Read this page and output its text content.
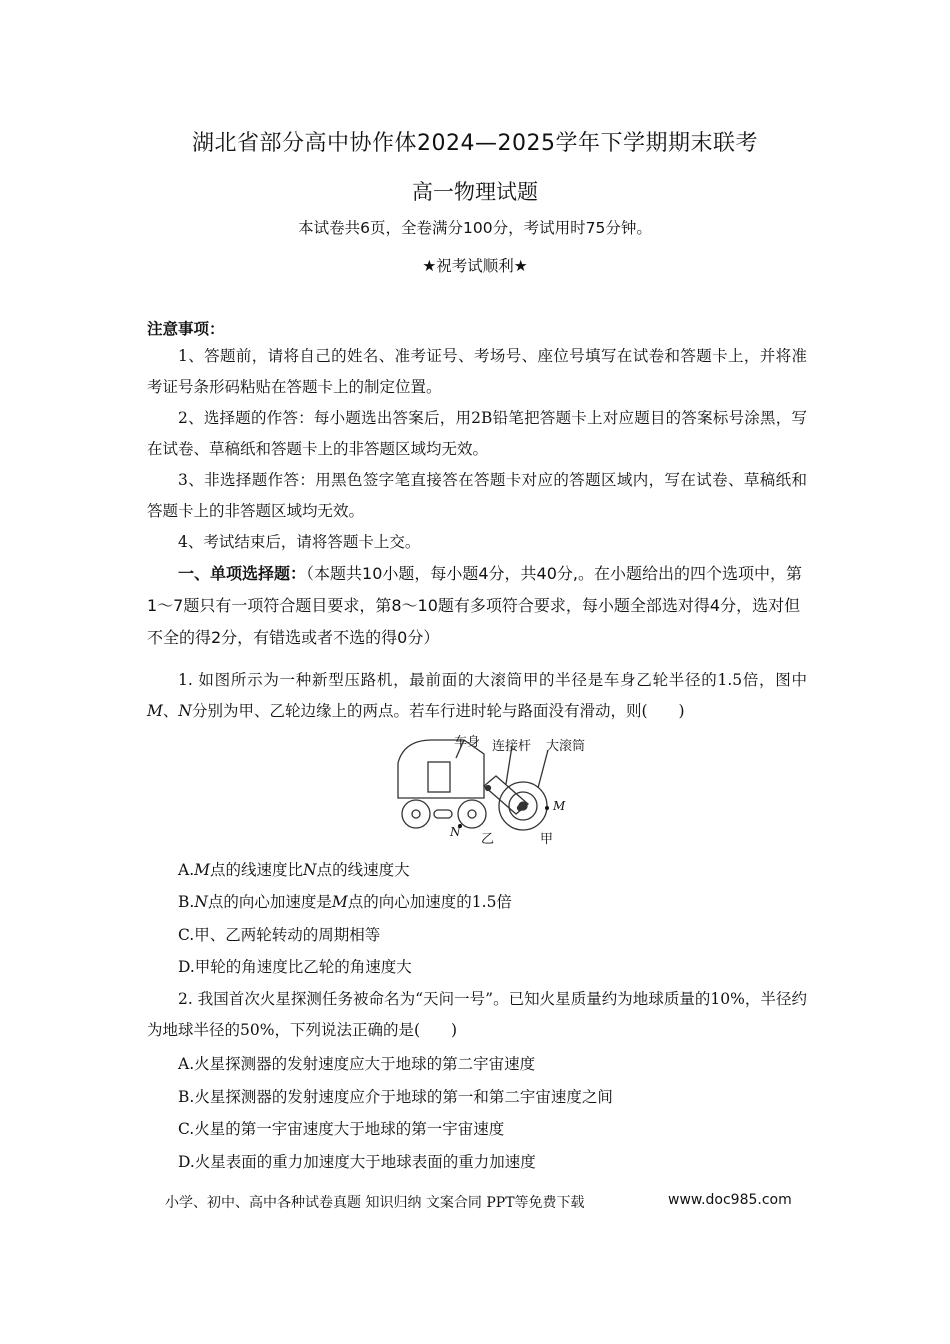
湖北省部分高中协作体2024—2025学年下学期期末联考
高一物理试题
本试卷共6页，全卷满分100分，考试用时75分钟。
★祝考试顺利★
注意事项：

1、答题前，请将自己的姓名、准考证号、考场号、座位号填写在试卷和答题卡上，并将准考证号条形码粘贴在答题卡上的制定位置。

2、选择题的作答：每小题选出答案后，用2B铅笔把答题卡上对应题目的答案标号涂黑，写在试卷、草稿纸和答题卡上的非答题区域均无效。

3、非选择题作答：用黑色签字笔直接答在答题卡对应的答题区域内，写在试卷、草稿纸和答题卡上的非答题区域均无效。

4、考试结束后，请将答题卡上交。

一、单项选择题：（本题共10小题，每小题4分，共40分,。在小题给出的四个选项中，第1～7题只有一项符合题目要求，第8～10题有多项符合要求，每小题全部选对得4分，选对但不全的得2分，有错选或者不选的得0分）

1. 如图所示为一种新型压路机，最前面的大滚筒甲的半径是车身乙轮半径的1.5倍，图中M、N分别为甲、乙轮边缘上的两点。若车行进时轮与路面没有滑动，则(　　)

车身 连接杆 大滚筒
M
N 乙	甲

A.M点的线速度比N点的线速度大

B.N点的向心加速度是M点的向心加速度的1.5倍

C.甲、乙两轮转动的周期相等

D.甲轮的角速度比乙轮的角速度大

2. 我国首次火星探测任务被命名为“天问一号”。已知火星质量约为地球质量的10%，半径约为地球半径的50%，下列说法正确的是(　　)

A.火星探测器的发射速度应大于地球的第二宇宙速度

B.火星探测器的发射速度应介于地球的第一和第二宇宙速度之间

C.火星的第一宇宙速度大于地球的第一宇宙速度

D.火星表面的重力加速度大于地球表面的重力加速度

小学、初中、高中各种试卷真题 知识归纳 文案合同 PPT等免费下载	www.doc985.com
